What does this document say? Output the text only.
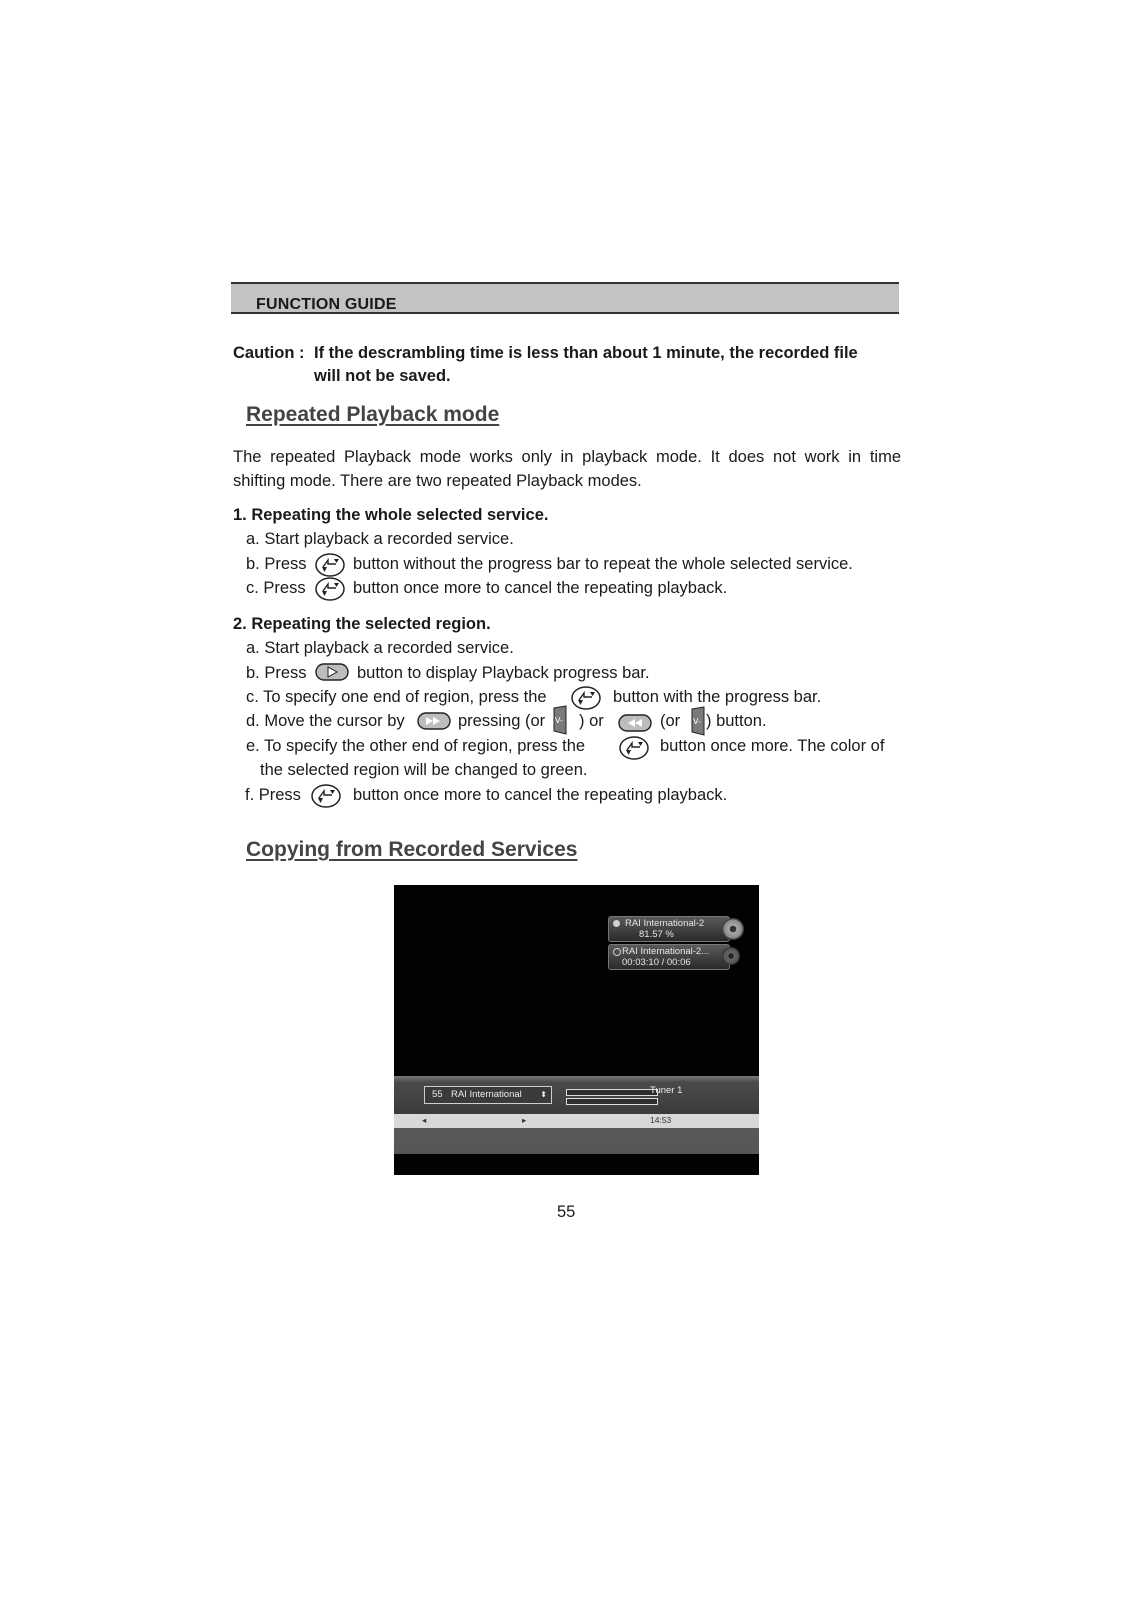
FUNCTION GUIDE
Caution : If the descrambling time is less than about 1 minute, the recorded file
will not be saved.
Repeated Playback mode
The repeated Playback mode works only in playback mode. It does not work in time
shifting mode. There are two repeated Playback modes.
1. Repeating the whole selected service.
a. Start playback a recorded service.
b. Press	button without the progress bar to repeat the whole selected service.
c. Press	button once more to cancel the repeating playback.
2. Repeating the selected region.
a. Start playback a recorded service.
b. Press	button to display Playback progress bar.
c. To specify one end of region, press the	button with the progress bar.
d. Move the cursor by	pressing (or V- ) or	(or V- ) button.
e. To specify the other end of region, press the	button once more. The color of
the selected region will be changed to green.
f. Press	button once more to cancel the repeating playback.
Copying from Recorded Services
RAI International-2
81.57 %
RAI International-2...
00:03:10 / 00:06
55 RAI International ⬍	Tuner 1
◂	▸	14:53
55
